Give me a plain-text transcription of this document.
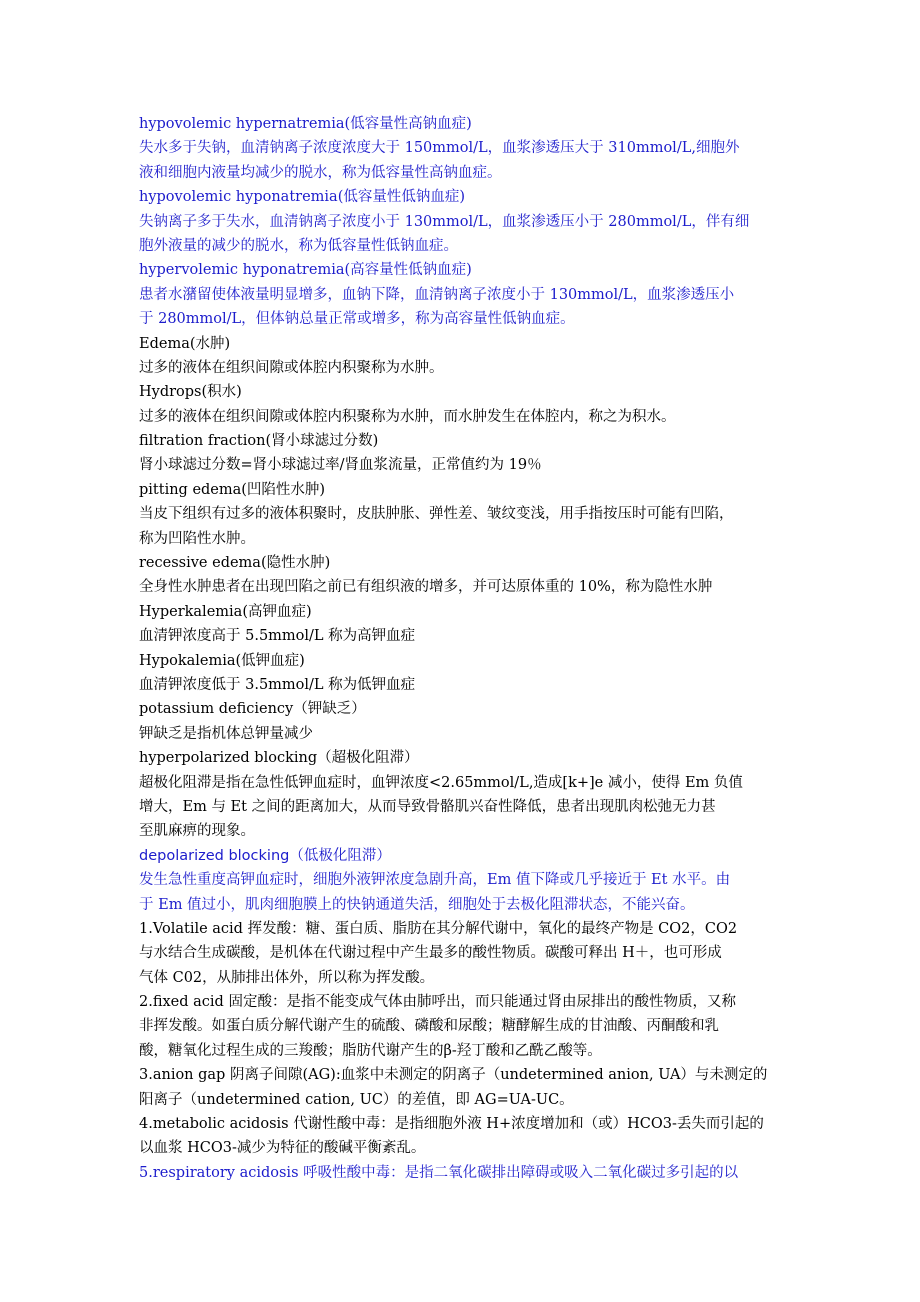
hypovolemic hypernatremia(低容量性高钠血症)
失水多于失钠，血清钠离子浓度浓度大于 150mmol/L，血浆渗透压大于 310mmol/L,细胞外
液和细胞内液量均减少的脱水，称为低容量性高钠血症。
hypovolemic hyponatremia(低容量性低钠血症)
失钠离子多于失水，血清钠离子浓度小于 130mmol/L，血浆渗透压小于 280mmol/L，伴有细
胞外液量的减少的脱水，称为低容量性低钠血症。
hypervolemic hyponatremia(高容量性低钠血症)
患者水潴留使体液量明显增多，血钠下降，血清钠离子浓度小于 130mmol/L，血浆渗透压小
于 280mmol/L，但体钠总量正常或增多，称为高容量性低钠血症。
Edema(水肿)
过多的液体在组织间隙或体腔内积聚称为水肿。
Hydrops(积水)
过多的液体在组织间隙或体腔内积聚称为水肿，而水肿发生在体腔内，称之为积水。
filtration fraction(肾小球滤过分数)
肾小球滤过分数=肾小球滤过率/肾血浆流量，正常值约为 19％
pitting edema(凹陷性水肿)
当皮下组织有过多的液体积聚时，皮肤肿胀、弹性差、皱纹变浅，用手指按压时可能有凹陷，
称为凹陷性水肿。
recessive edema(隐性水肿)
全身性水肿患者在出现凹陷之前已有组织液的增多，并可达原体重的 10%，称为隐性水肿
Hyperkalemia(高钾血症)
血清钾浓度高于 5.5mmol/L 称为高钾血症
Hypokalemia(低钾血症)
血清钾浓度低于 3.5mmol/L 称为低钾血症
potassium deficiency（钾缺乏）
钾缺乏是指机体总钾量减少
hyperpolarized blocking（超极化阻滞）
超极化阻滞是指在急性低钾血症时，血钾浓度<2.65mmol/L,造成[k+]e 减小，使得 Em 负值
增大，Em 与 Et 之间的距离加大，从而导致骨骼肌兴奋性降低，患者出现肌肉松弛无力甚
至肌麻痹的现象。
depolarized blocking（低极化阻滞）
发生急性重度高钾血症时，细胞外液钾浓度急剧升高，Em 值下降或几乎接近于 Et 水平。由
于 Em 值过小，肌肉细胞膜上的快钠通道失活，细胞处于去极化阻滞状态，不能兴奋。
1.Volatile acid 挥发酸：糖、蛋白质、脂肪在其分解代谢中，氧化的最终产物是 CO2，CO2
与水结合生成碳酸，是机体在代谢过程中产生最多的酸性物质。碳酸可释出 H＋，也可形成
气体 C02，从肺排出体外，所以称为挥发酸。
2.fixed acid 固定酸：是指不能变成气体由肺呼出，而只能通过肾由尿排出的酸性物质，又称
非挥发酸。如蛋白质分解代谢产生的硫酸、磷酸和尿酸；糖酵解生成的甘油酸、丙酮酸和乳
酸，糖氧化过程生成的三羧酸；脂肪代谢产生的β-羟丁酸和乙酰乙酸等。
3.anion gap 阴离子间隙(AG):血浆中未测定的阴离子（undetermined anion, UA）与未测定的
阳离子（undetermined cation, UC）的差值，即 AG=UA-UC。
4.metabolic acidosis 代谢性酸中毒：是指细胞外液 H+浓度增加和（或）HCO3-丢失而引起的
以血浆 HCO3-减少为特征的酸碱平衡紊乱。
5.respiratory acidosis 呼吸性酸中毒：是指二氧化碳排出障碍或吸入二氧化碳过多引起的以
